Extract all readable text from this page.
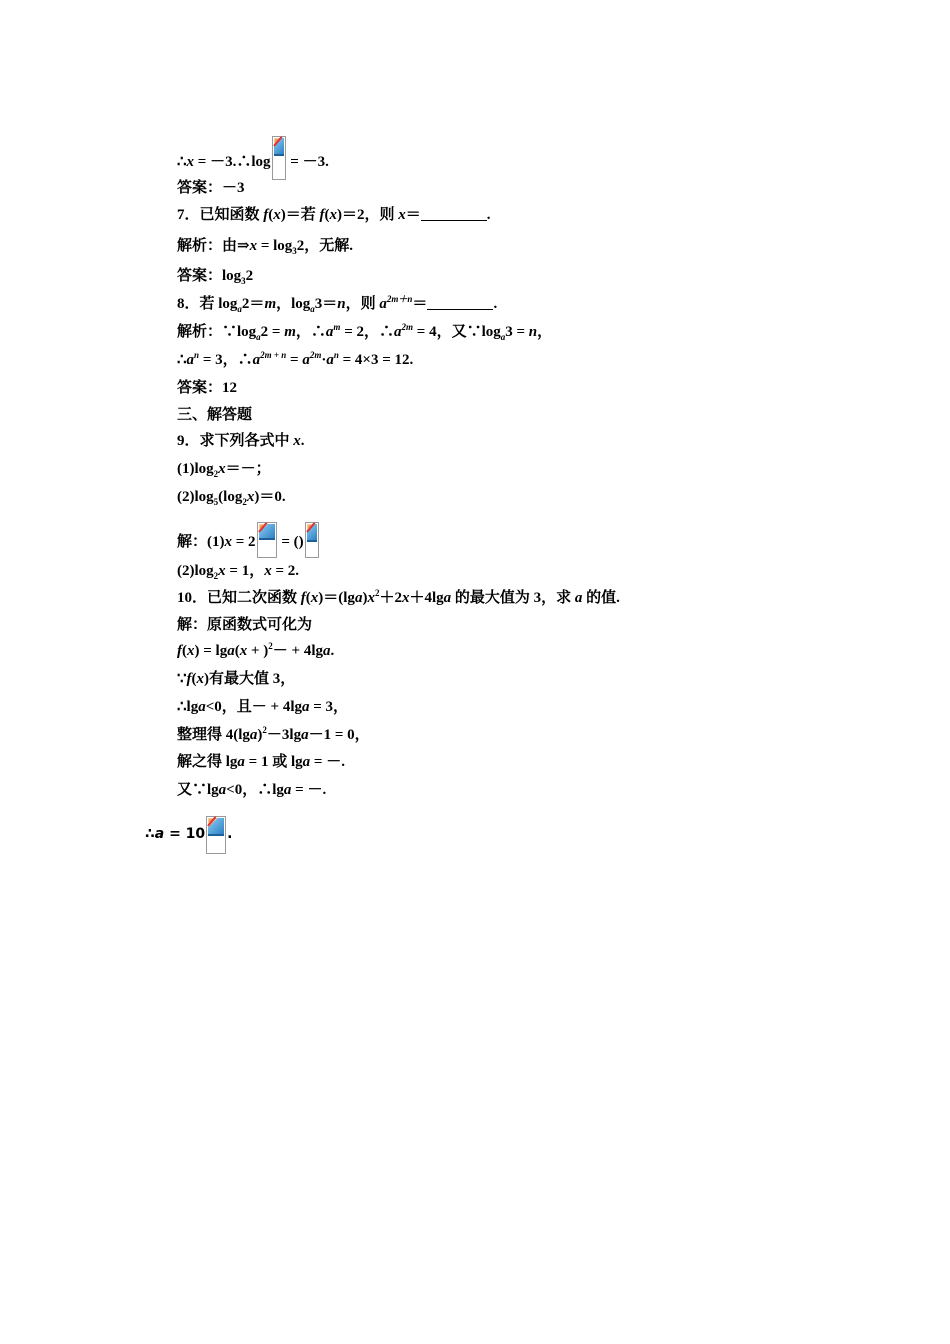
∴x = －3.∴log
= －3.
答案：－3
7．已知函数 f(x)＝若 f(x)＝2，则 x＝	.
解析：由⇒x = $\log_32$，无解.
答案：$\log_32$
8．若 $\log_a2=m$，$\log_a3=n$，则 $a^{2m+n}=$	.
解析：$\because\log_a2 = m$，$\therefore a^m = 2$，$\therefore a^{2m} = 4$，又$\because\log_a3 = n$，
$\therefore a^n = 3$，$\therefore a^{2m + n} = a^{2m}\cdot a^n = 4\times 3 = 12$.
答案：12
三、解答题
9．求下列各式中 x.
$(1)\log_2x=-$；
$(2)\log_5(\log_2x)=0$.
解：(1)x = 2
= ()
$(2)\log_2x = 1$，x = 2.
10．已知二次函数 $f(x)=(\lg a)x^2+2x+4\lg a$ 的最大值为 3，求 a 的值.
解：原函数式可化为
$f(x) = \lg a(x + )^2- + 4\lg a$.
∵f(x)有最大值 3，
∴lga<0，且－ + 4lga = 3，
整理得 $4(\lg a)^2-3\lg a-1 = 0$，
解之得 lga = 1 或 lga = －.
又∵lga<0，∴lga = －.
∴a = 10 .
